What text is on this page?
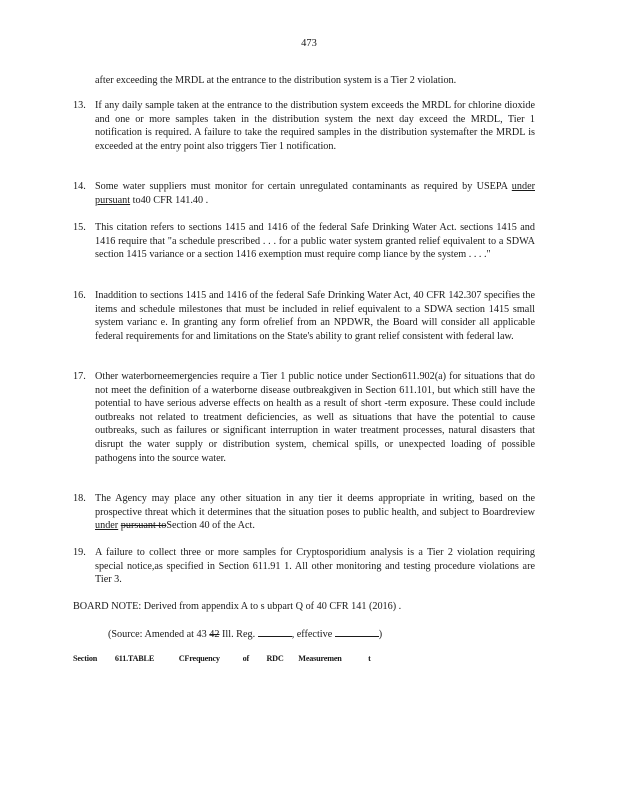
473
after exceeding the MRDL at the entrance to the distribution system is a Tier 2 violation.
13. If any daily sample taken at the entrance to the distribution system exceeds the MRDL for chlorine dioxide and one or more samples taken in the distribution system the next day exceed the MRDL, Tier 1 notification is required. A failure to take the required samples in the distribution systemafter the MRDL is exceeded at the entry point also triggers Tier 1 notification.
14. Some water suppliers must monitor for certain unregulated contaminants as required by USEPA under pursuant to40 CFR 141.40 .
15. This citation refers to sections 1415 and 1416 of the federal Safe Drinking Water Act. sections 1415 and 1416 require that "a schedule prescribed . . . for a public water system granted relief equivalent to a SDWA section 1415 variance or a section 1416 exemption must require comp liance by the system . . . ."
16. Inaddition to sections 1415 and 1416 of the federal Safe Drinking Water Act, 40 CFR 142.307 specifies the items and schedule milestones that must be included in relief equivalent to a SDWA section 1415 small system varianc e. In granting any form ofrelief from an NPDWR, the Board will consider all applicable federal requirements for and limitations on the State's ability to grant relief consistent with federal law.
17. Other waterborneemergencies require a Tier 1 public notice under Section611.902(a) for situations that do not meet the definition of a waterborne disease outbreakgiven in Section 611.101, but which still have the potential to have serious adverse effects on health as a result of short -term exposure. These could include outbreaks not related to treatment deficiencies, as well as situations that have the potential to cause outbreaks, such as failures or significant interruption in water treatment processes, natural disasters that disrupt the water supply or distribution system, chemical spills, or unexpected loading of possible pathogens into the source water.
18. The Agency may place any other situation in any tier it deems appropriate in writing, based on the prospective threat which it determines that the situation poses to public health, and subject to Boardreview under pursuant toSection 40 of the Act.
19. A failure to collect three or more samples for Cryptosporidium analysis is a Tier 2 violation requiring special notice,as specified in Section 611.91 1. All other monitoring and testing procedure violations are Tier 3.
BOARD NOTE: Derived from appendix A to s ubpart Q of 40 CFR 141 (2016) .
(Source: Amended at 43 42 Ill. Reg.	, effective	)
Section 611.TABLE	CFrequency	of RDC Measuremen	t
